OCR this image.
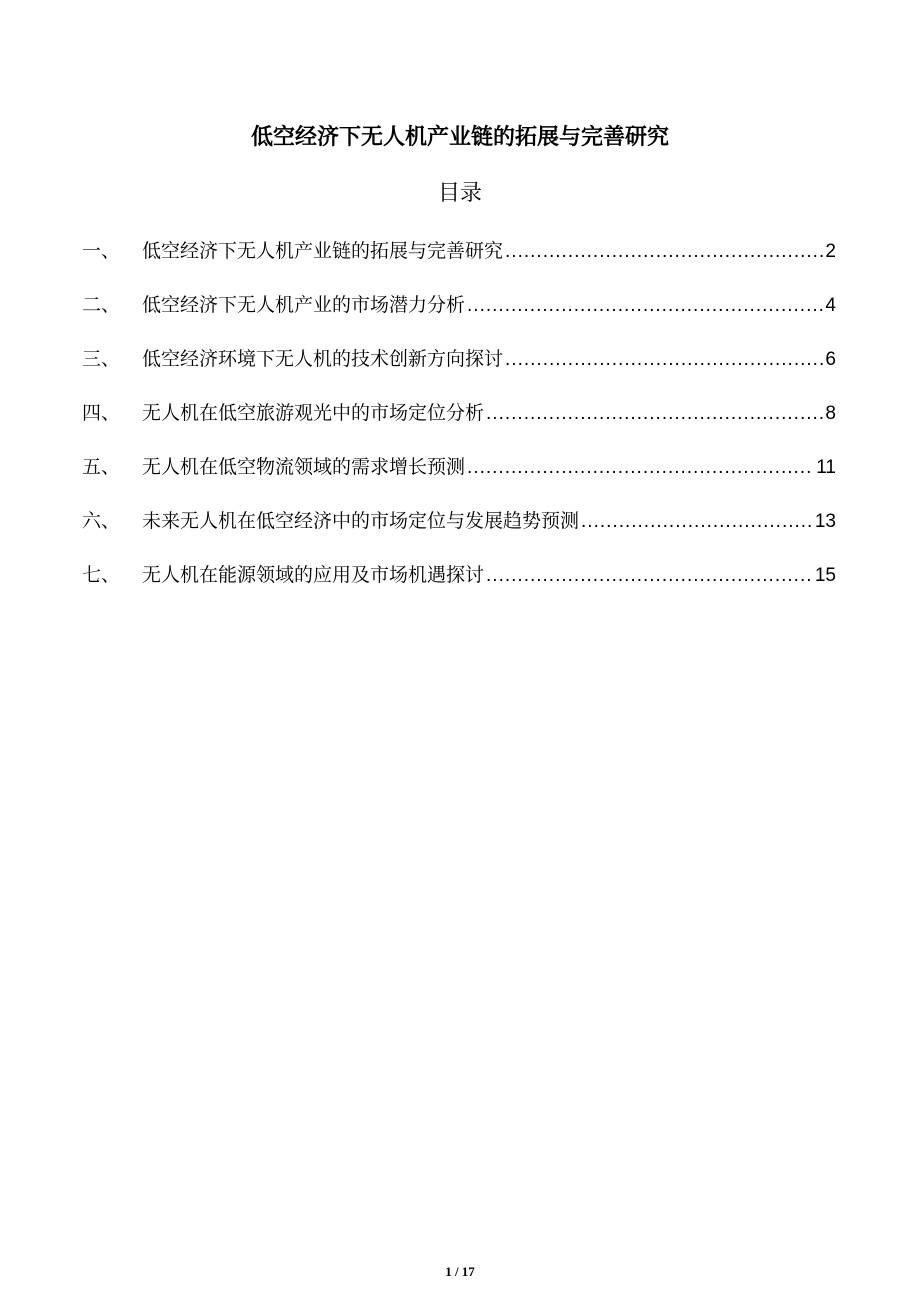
低空经济下无人机产业链的拓展与完善研究
目录
一、	低空经济下无人机产业链的拓展与完善研究 .....	2
二、	低空经济下无人机产业的市场潜力分析 .....	4
三、	低空经济环境下无人机的技术创新方向探讨 .....	6
四、	无人机在低空旅游观光中的市场定位分析 .....	8
五、	无人机在低空物流领域的需求增长预测 .....	11
六、	未来无人机在低空经济中的市场定位与发展趋势预测 .....	13
七、	无人机在能源领域的应用及市场机遇探讨 .....	15
1 / 17
